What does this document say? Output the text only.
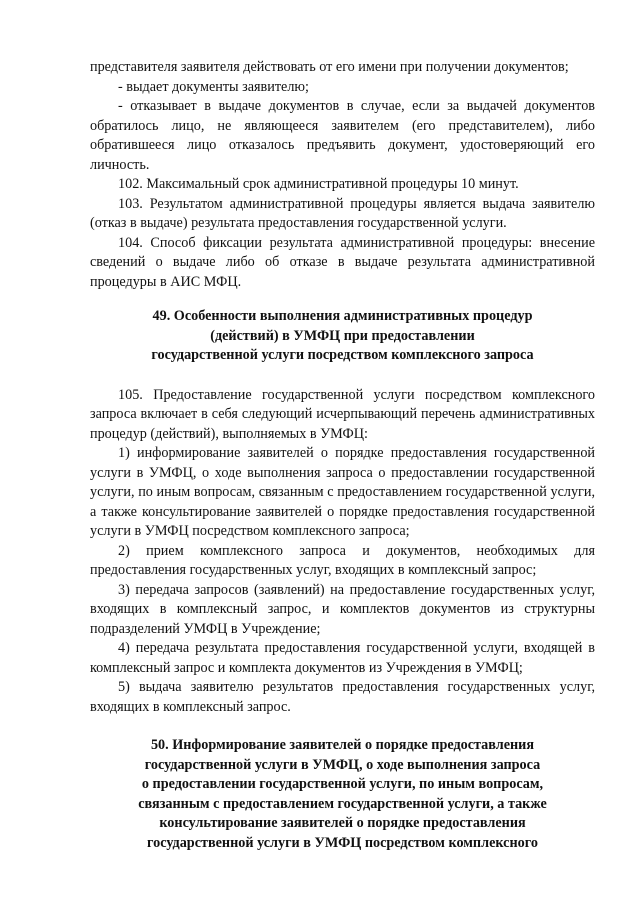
представителя заявителя действовать от его имени при получении документов;

- выдает документы заявителю;

- отказывает в выдаче документов в случае, если за выдачей документов обратилось лицо, не являющееся заявителем (его представителем), либо обратившееся лицо отказалось предъявить документ, удостоверяющий его личность.

102. Максимальный срок административной процедуры 10 минут.

103. Результатом административной процедуры является выдача заявителю (отказ в выдаче) результата предоставления государственной услуги.

104. Способ фиксации результата административной процедуры: внесение сведений о выдаче либо об отказе в выдаче результата административной процедуры в АИС МФЦ.

49. Особенности выполнения административных процедур
(действий) в УМФЦ при предоставлении
государственной услуги посредством комплексного запроса

105. Предоставление государственной услуги посредством комплексного запроса включает в себя следующий исчерпывающий перечень административных процедур (действий), выполняемых в УМФЦ:

1) информирование заявителей о порядке предоставления государственной услуги в УМФЦ, о ходе выполнения запроса о предоставлении государственной услуги, по иным вопросам, связанным с предоставлением государственной услуги, а также консультирование заявителей о порядке предоставления государственной услуги в УМФЦ посредством комплексного запроса;

2) прием комплексного запроса и документов, необходимых для предоставления государственных услуг, входящих в комплексный запрос;

3) передача запросов (заявлений) на предоставление государственных услуг, входящих в комплексный запрос, и комплектов документов из структурны подразделений УМФЦ в Учреждение;

4) передача результата предоставления государственной услуги, входящей в комплексный запрос и комплекта документов из Учреждения в УМФЦ;

5) выдача заявителю результатов предоставления государственных услуг, входящих в комплексный запрос.

50. Информирование заявителей о порядке предоставления
государственной услуги в УМФЦ, о ходе выполнения запроса
о предоставлении государственной услуги, по иным вопросам,
связанным с предоставлением государственной услуги, а также
консультирование заявителей о порядке предоставления
государственной услуги в УМФЦ посредством комплексного
